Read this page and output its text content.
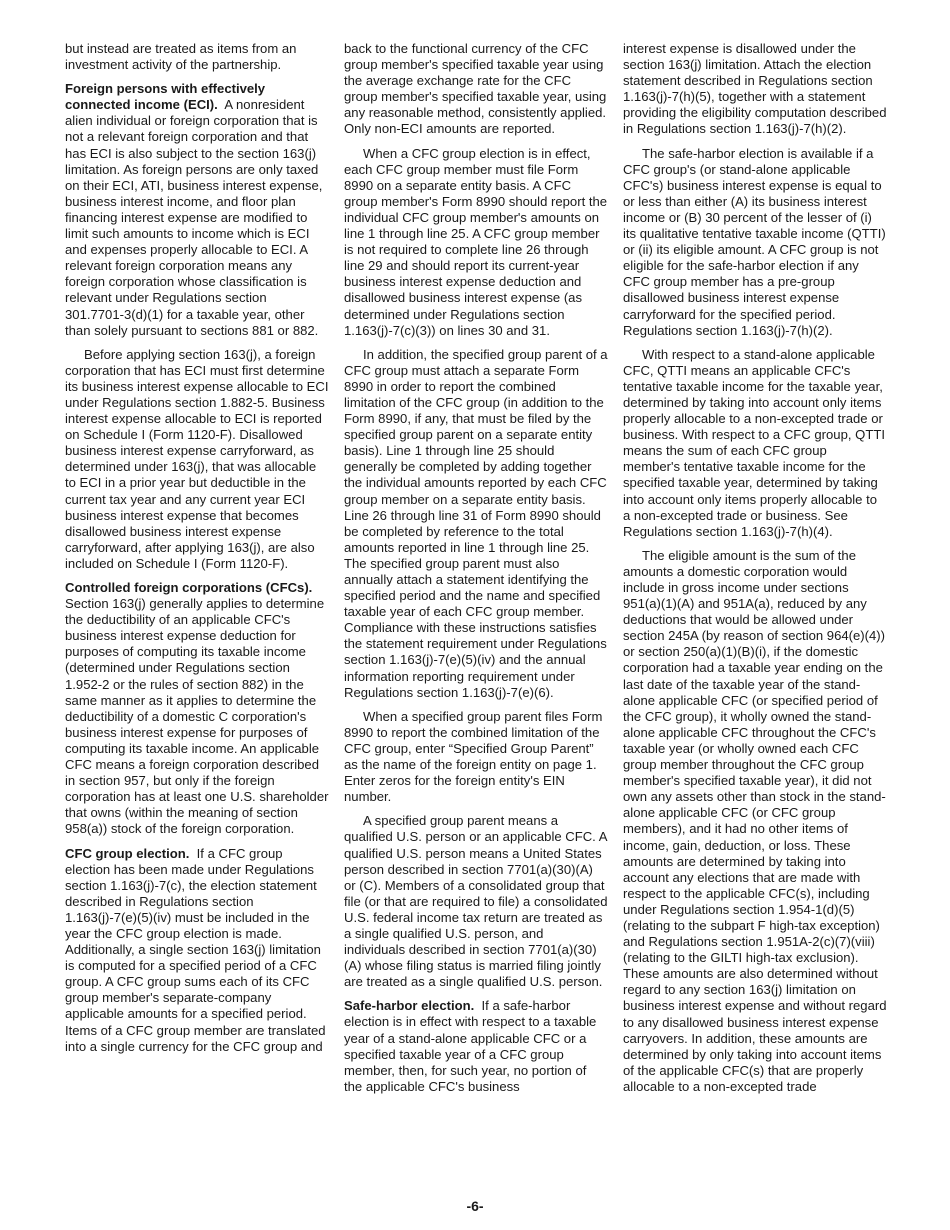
but instead are treated as items from an investment activity of the partnership.

Foreign persons with effectively connected income (ECI). A nonresident alien individual or foreign corporation that is not a relevant foreign corporation and that has ECI is also subject to the section 163(j) limitation. As foreign persons are only taxed on their ECI, ATI, business interest expense, business interest income, and floor plan financing interest expense are modified to limit such amounts to income which is ECI and expenses properly allocable to ECI. A relevant foreign corporation means any foreign corporation whose classification is relevant under Regulations section 301.7701-3(d)(1) for a taxable year, other than solely pursuant to sections 881 or 882.

Before applying section 163(j), a foreign corporation that has ECI must first determine its business interest expense allocable to ECI under Regulations section 1.882-5. Business interest expense allocable to ECI is reported on Schedule I (Form 1120-F). Disallowed business interest expense carryforward, as determined under 163(j), that was allocable to ECI in a prior year but deductible in the current tax year and any current year ECI business interest expense that becomes disallowed business interest expense carryforward, after applying 163(j), are also included on Schedule I (Form 1120-F).

Controlled foreign corporations (CFCs).  Section 163(j) generally applies to determine the deductibility of an applicable CFC's business interest expense deduction for purposes of computing its taxable income (determined under Regulations section 1.952-2 or the rules of section 882) in the same manner as it applies to determine the deductibility of a domestic C corporation's business interest expense for purposes of computing its taxable income. An applicable CFC means a foreign corporation described in section 957, but only if the foreign corporation has at least one U.S. shareholder that owns (within the meaning of section 958(a)) stock of the foreign corporation.

CFC group election. If a CFC group election has been made under Regulations section 1.163(j)-7(c), the election statement described in Regulations section 1.163(j)-7(e)(5)(iv) must be included in the year the CFC group election is made. Additionally, a single section 163(j) limitation is computed for a specified period of a CFC group. A CFC group sums each of its CFC group member's separate-company applicable amounts for a specified period. Items of a CFC group member are translated into a single currency for the CFC group and

back to the functional currency of the CFC group member's specified taxable year using the average exchange rate for the CFC group member's specified taxable year, using any reasonable method, consistently applied. Only non-ECI amounts are reported.

When a CFC group election is in effect, each CFC group member must file Form 8990 on a separate entity basis. A CFC group member's Form 8990 should report the individual CFC group member's amounts on line 1 through line 25. A CFC group member is not required to complete line 26 through line 29 and should report its current-year business interest expense deduction and disallowed business interest expense (as determined under Regulations section 1.163(j)-7(c)(3)) on lines 30 and 31.

In addition, the specified group parent of a CFC group must attach a separate Form 8990 in order to report the combined limitation of the CFC group (in addition to the Form 8990, if any, that must be filed by the specified group parent on a separate entity basis). Line 1 through line 25 should generally be completed by adding together the individual amounts reported by each CFC group member on a separate entity basis. Line 26 through line 31 of Form 8990 should be completed by reference to the total amounts reported in line 1 through line 25. The specified group parent must also annually attach a statement identifying the specified period and the name and specified taxable year of each CFC group member. Compliance with these instructions satisfies the statement requirement under Regulations section 1.163(j)-7(e)(5)(iv) and the annual information reporting requirement under Regulations section 1.163(j)-7(e)(6).

When a specified group parent files Form 8990 to report the combined limitation of the CFC group, enter “Specified Group Parent” as the name of the foreign entity on page 1. Enter zeros for the foreign entity's EIN number.

A specified group parent means a qualified U.S. person or an applicable CFC. A qualified U.S. person means a United States person described in section 7701(a)(30)(A) or (C). Members of a consolidated group that file (or that are required to file) a consolidated U.S. federal income tax return are treated as a single qualified U.S. person, and individuals described in section 7701(a)(30)(A) whose filing status is married filing jointly are treated as a single qualified U.S. person.

Safe-harbor election. If a safe-harbor election is in effect with respect to a taxable year of a stand-alone applicable CFC or a specified taxable year of a CFC group member, then, for such year, no portion of the applicable CFC's business

interest expense is disallowed under the section 163(j) limitation. Attach the election statement described in Regulations section 1.163(j)-7(h)(5), together with a statement providing the eligibility computation described in Regulations section 1.163(j)-7(h)(2).

The safe-harbor election is available if a CFC group's (or stand-alone applicable CFC's) business interest expense is equal to or less than either (A) its business interest income or (B) 30 percent of the lesser of (i) its qualitative tentative taxable income (QTTI) or (ii) its eligible amount. A CFC group is not eligible for the safe-harbor election if any CFC group member has a pre-group disallowed business interest expense carryforward for the specified period. Regulations section 1.163(j)-7(h)(2).

With respect to a stand-alone applicable CFC, QTTI means an applicable CFC's tentative taxable income for the taxable year, determined by taking into account only items properly allocable to a non-excepted trade or business. With respect to a CFC group, QTTI means the sum of each CFC group member's tentative taxable income for the specified taxable year, determined by taking into account only items properly allocable to a non-excepted trade or business. See Regulations section 1.163(j)-7(h)(4).

The eligible amount is the sum of the amounts a domestic corporation would include in gross income under sections 951(a)(1)(A) and 951A(a), reduced by any deductions that would be allowed under section 245A (by reason of section 964(e)(4)) or section 250(a)(1)(B)(i), if the domestic corporation had a taxable year ending on the last date of the taxable year of the stand-alone applicable CFC (or specified period of the CFC group), it wholly owned the stand-alone applicable CFC throughout the CFC's taxable year (or wholly owned each CFC group member throughout the CFC group member's specified taxable year), it did not own any assets other than stock in the stand-alone applicable CFC (or CFC group members), and it had no other items of income, gain, deduction, or loss. These amounts are determined by taking into account any elections that are made with respect to the applicable CFC(s), including under Regulations section 1.954-1(d)(5) (relating to the subpart F high-tax exception) and Regulations section 1.951A-2(c)(7)(viii) (relating to the GILTI high-tax exclusion). These amounts are also determined without regard to any section 163(j) limitation on business interest expense and without regard to any disallowed business interest expense carryovers. In addition, these amounts are determined by only taking into account items of the applicable CFC(s) that are properly allocable to a non-excepted trade

-6-
